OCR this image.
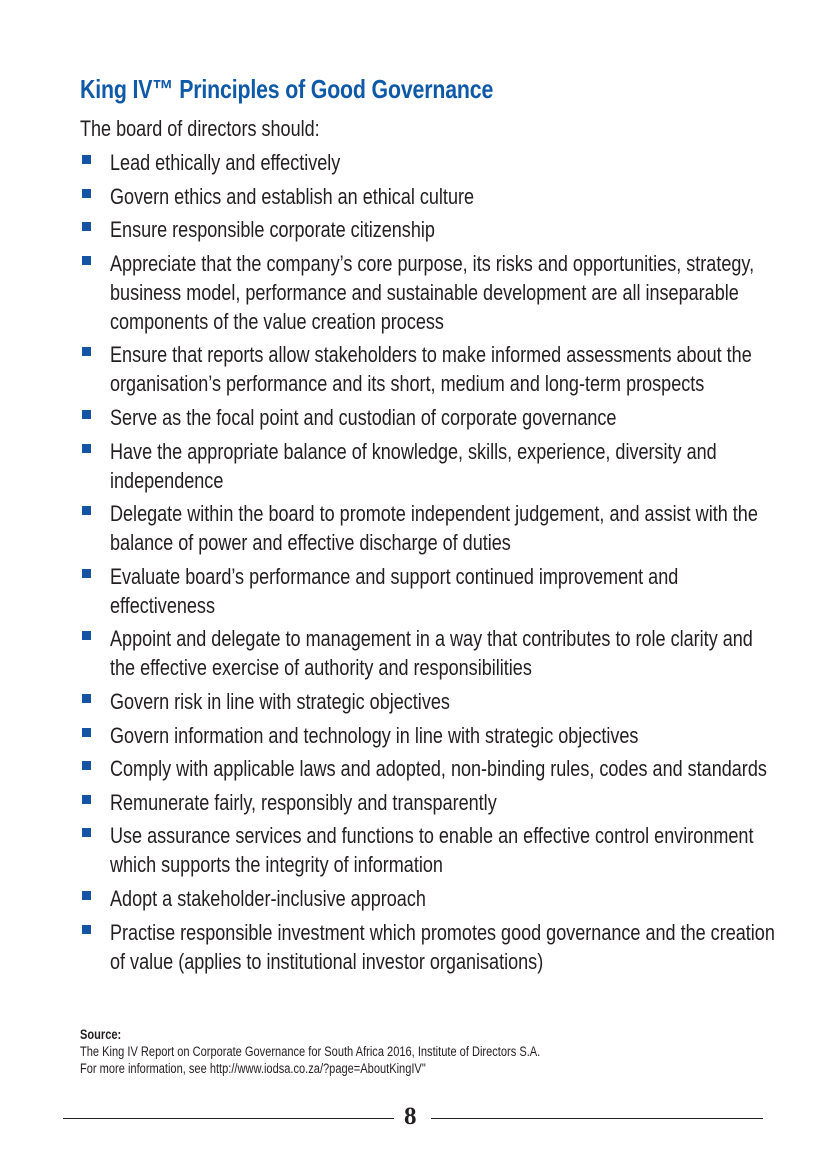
King IV™ Principles of Good Governance
The board of directors should:
Lead ethically and effectively
Govern ethics and establish an ethical culture
Ensure responsible corporate citizenship
Appreciate that the company’s core purpose, its risks and opportunities, strategy, business model, performance and sustainable development are all inseparable components of the value creation process
Ensure that reports allow stakeholders to make informed assessments about the organisation’s performance and its short, medium and long-term prospects
Serve as the focal point and custodian of corporate governance
Have the appropriate balance of knowledge, skills, experience, diversity and independence
Delegate within the board to promote independent judgement, and assist with the balance of power and effective discharge of duties
Evaluate board’s performance and support continued improvement and effectiveness
Appoint and delegate to management in a way that contributes to role clarity and the effective exercise of authority and responsibilities
Govern risk in line with strategic objectives
Govern information and technology in line with strategic objectives
Comply with applicable laws and adopted, non-binding rules, codes and standards
Remunerate fairly, responsibly and transparently
Use assurance services and functions to enable an effective control environment which supports the integrity of information
Adopt a stakeholder-inclusive approach
Practise responsible investment which promotes good governance and the creation of value (applies to institutional investor organisations)
Source:
The King IV Report on Corporate Governance for South Africa 2016, Institute of Directors S.A.
For more information, see http://www.iodsa.co.za/?page=AboutKingIV"
8
